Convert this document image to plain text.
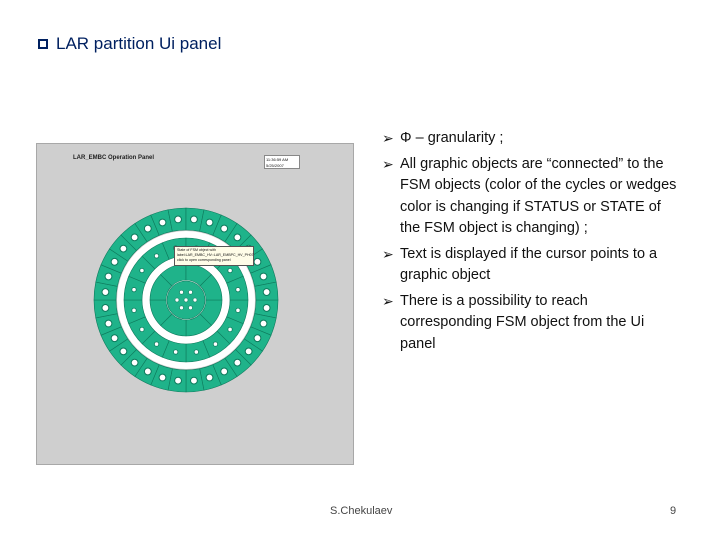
LAR partition Ui panel
LAR_EMBC Operation Panel	11:36:59 AM
5/25/2007
State of FSM object with
label:LAR_EMBC_HV::LAR_EMBPC_HV_PH07
click to open corresponding panel
➢ Φ – granularity ;
➢ All graphic objects are “connected” to the FSM objects (color of the cycles or wedges color is changing if STATUS or STATE of the FSM object is changing) ;
➢ Text is displayed if the cursor points to a graphic object
➢ There is a possibility to reach corresponding FSM object from the Ui panel
S.Chekulaev	9
